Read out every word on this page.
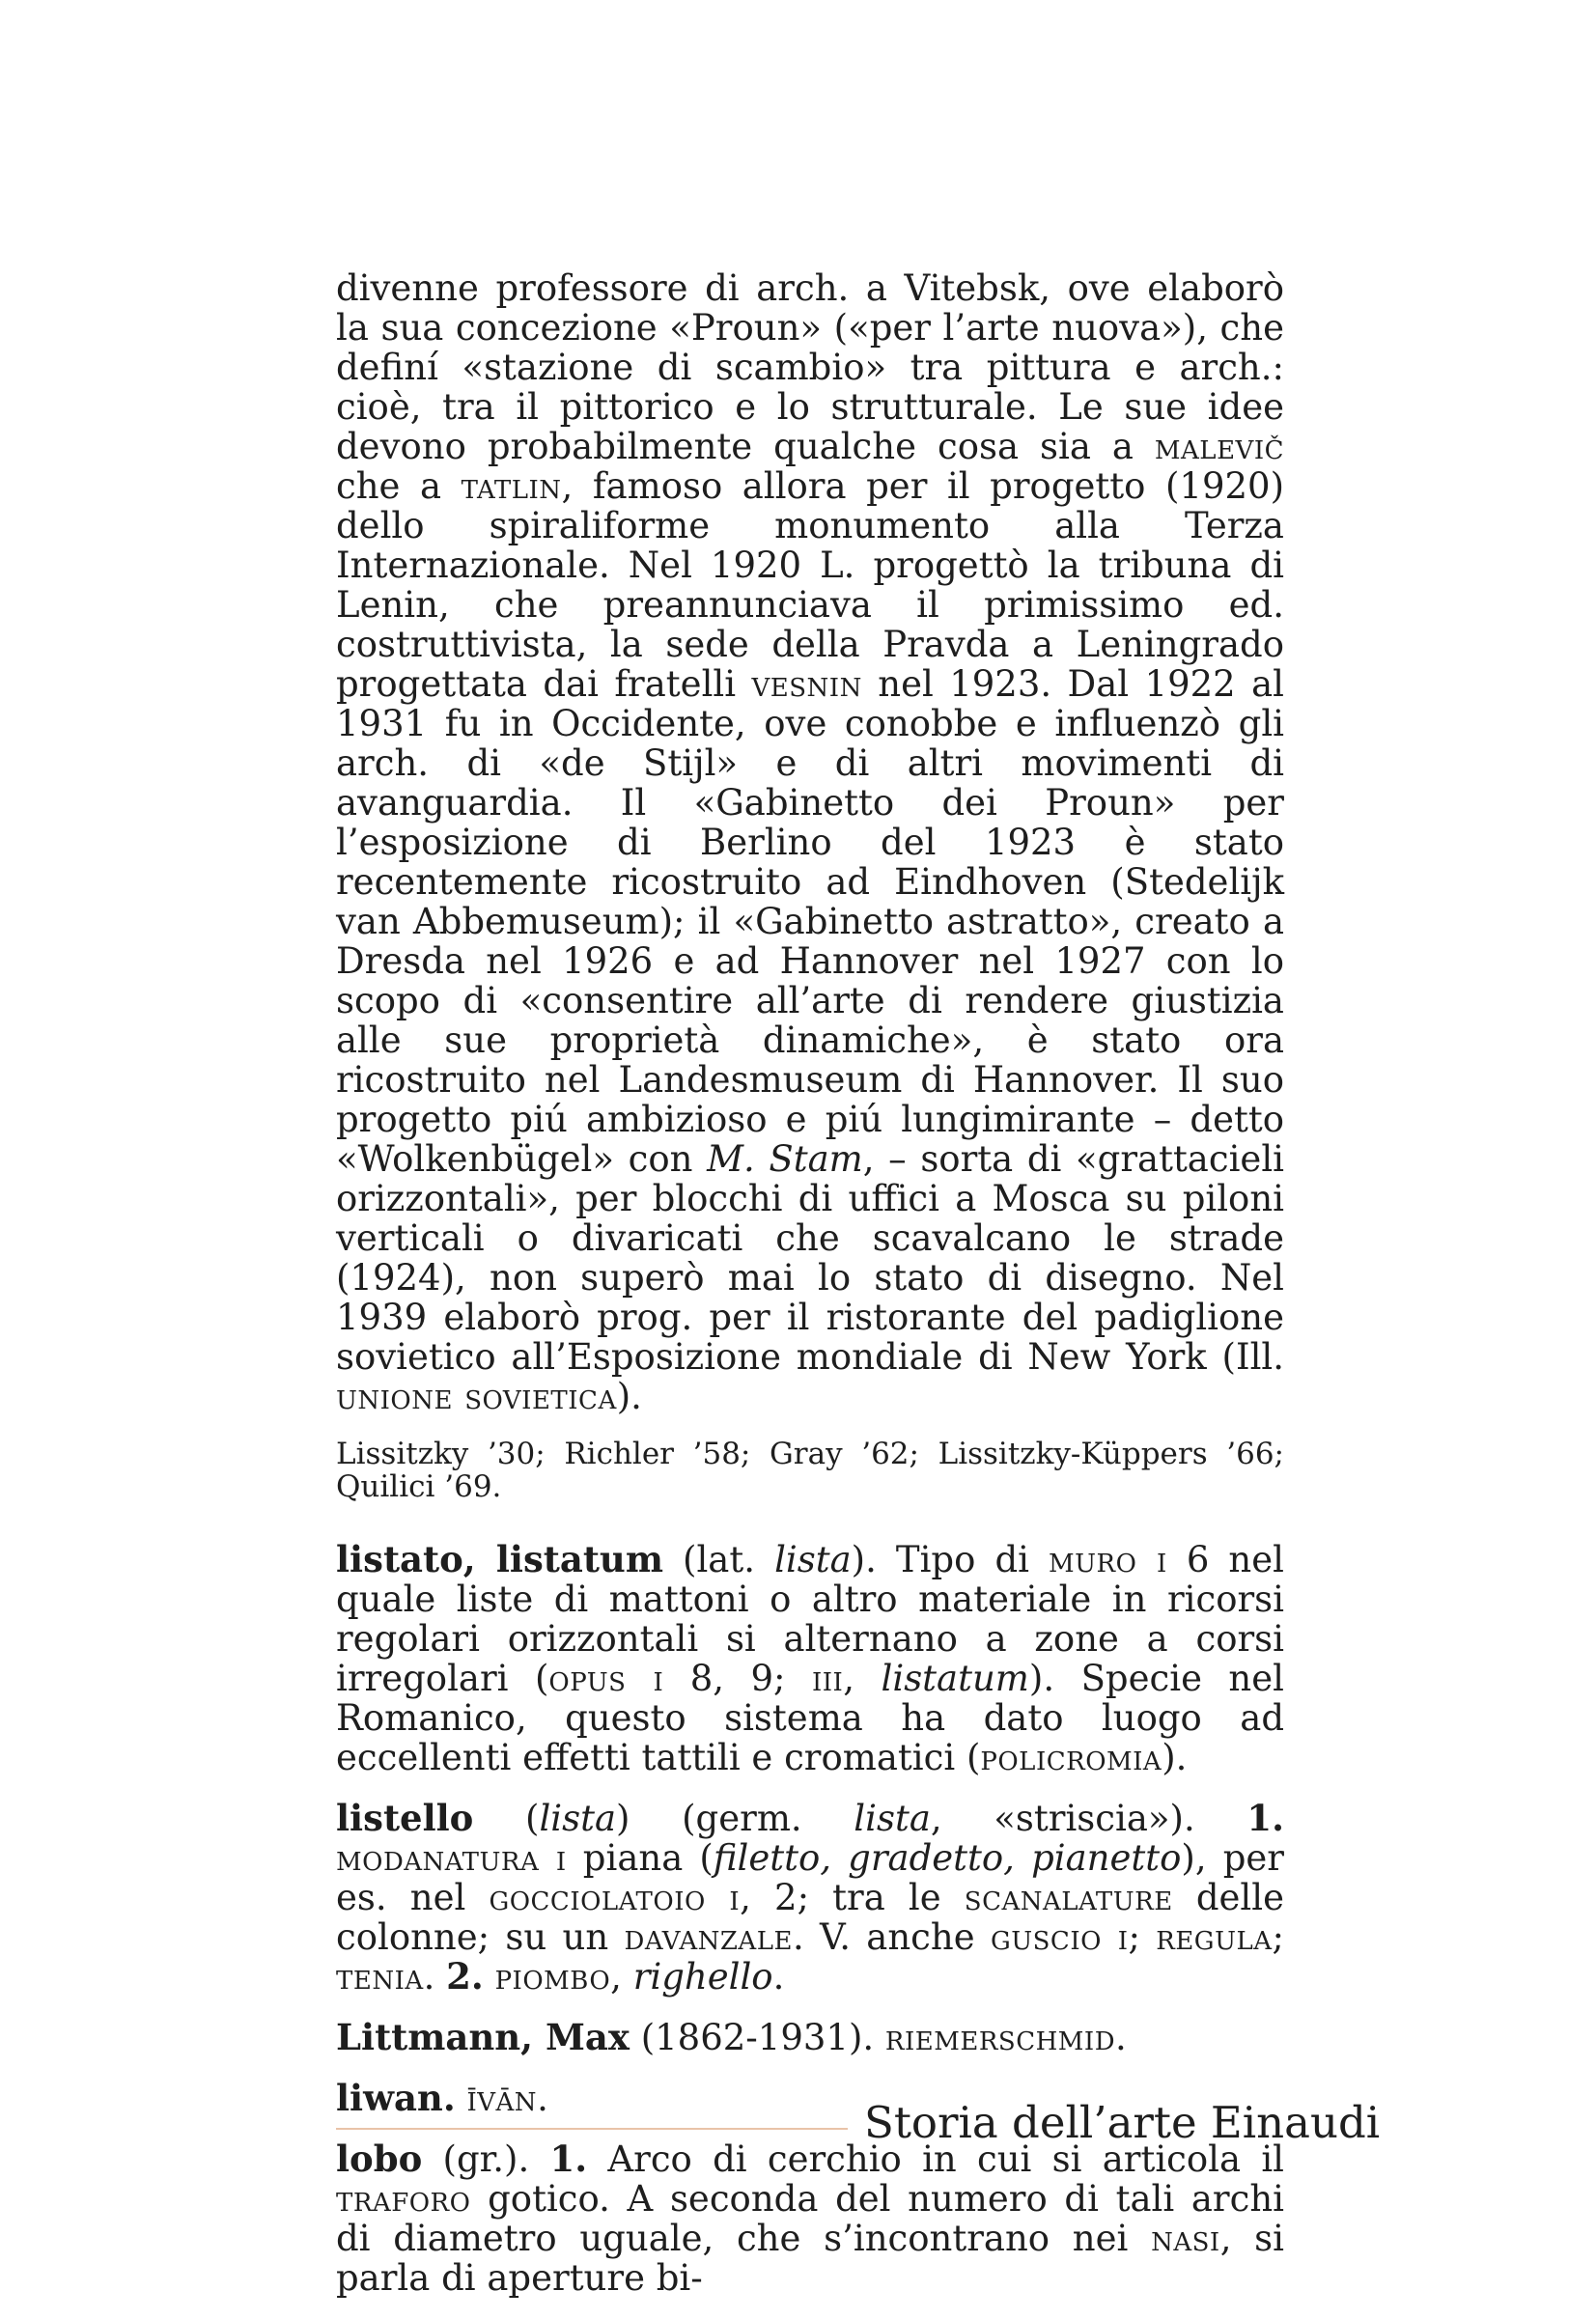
divenne professore di arch. a Vitebsk, ove elaborò la sua concezione «Proun» («per l’arte nuova»), che definí «stazione di scambio» tra pittura e arch.: cioè, tra il pittorico e lo strutturale. Le sue idee devono probabilmente qualche cosa sia a malevič che a tatlin, famoso allora per il progetto (1920) dello spiraliforme monumento alla Terza Internazionale. Nel 1920 L. progettò la tribuna di Lenin, che preannunciava il primissimo ed. costruttivista, la sede della Pravda a Leningrado progettata dai fratelli vesnin nel 1923. Dal 1922 al 1931 fu in Occidente, ove conobbe e influenzò gli arch. di «de Stijl» e di altri movimenti di avanguardia. Il «Gabinetto dei Proun» per l’esposizione di Berlino del 1923 è stato recentemente ricostruito ad Eindhoven (Stedelijk van Abbemuseum); il «Gabinetto astratto», creato a Dresda nel 1926 e ad Hannover nel 1927 con lo scopo di «consentire all’arte di rendere giustizia alle sue proprietà dinamiche», è stato ora ricostruito nel Landesmuseum di Hannover. Il suo progetto piú ambizioso e piú lungimirante – detto «Wolkenbügel» con M. Stam, – sorta di «grattacieli orizzontali», per blocchi di uffici a Mosca su piloni verticali o divaricati che scavalcano le strade (1924), non superò mai lo stato di disegno. Nel 1939 elaborò prog. per il ristorante del padiglione sovietico all’Esposizione mondiale di New York (Ill. unione sovietica).

Lissitzky ’30; Richler ’58; Gray ’62; Lissitzky-Küppers ’66; Quilici ’69.

listato, listatum (lat. lista). Tipo di muro i 6 nel quale liste di mattoni o altro materiale in ricorsi regolari orizzontali si alternano a zone a corsi irregolari (opus i 8, 9; iii, listatum). Specie nel Romanico, questo sistema ha dato luogo ad eccellenti effetti tattili e cromatici (policromia).

listello (lista) (germ. lista, «striscia»). 1. modanatura i piana (filetto, gradetto, pianetto), per es. nel gocciolatoio i, 2; tra le scanalature delle colonne; su un davanzale. V. anche guscio i; regula; tenia. 2. piombo, righello.

Littmann, Max (1862-1931). riemerschmid.

liwan. īvān.

lobo (gr.). 1. Arco di cerchio in cui si articola il traforo gotico. A seconda del numero di tali archi di diametro uguale, che s’incontrano nei nasi, si parla di aperture bi-

Storia dell’arte Einaudi
